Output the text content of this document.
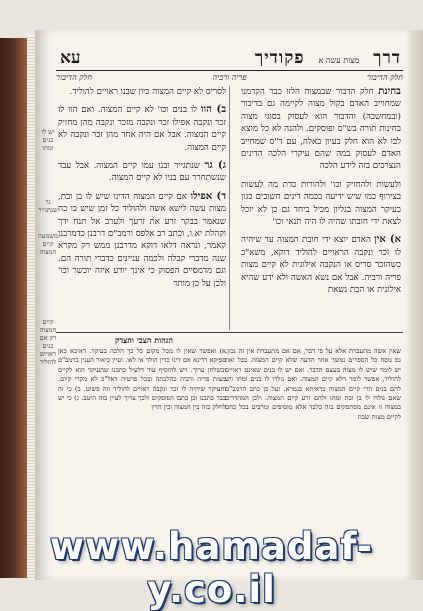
דרך
מצות עשה א
פקודיך
עא
חלק הדיבור
פריה ורביה
חלק הדיבור

בחינת חלק הדבור שבמצוה הלזו כבר הקדמנו שמחוייב האדם בקול מצוה לקיימה גם בדיבור (ובמחשבה) והדבור הוא לעסוק בסוגי מצוה בחינות תורה בש"ס ופוסקים. ולהגה לא כל מוצא לבו לא הוא חלק בעיון באלה, עם ד"ס שמחייב האדם לעסוק במה שהם עיקרי הלכה הדינים הנצרכים בזה לידע הלכה

ולעשות ולהחזיק וכו' ולהורות כדת מה לעשות בצירוף כמו שיש ידיעה בכמה דינים חשובים כגון בעיקר המצוה בגליון מכיל ביחד גם כן לא יוכל לצאת ידי חובתו שהיה לו היה תנאי וכו'

א) אין האדם יוצא ידי חובת המצוה עד שיהיה לו זכר ונקבה הראויים להוליד דוקא, משא"כ כשהזכר סריס או הנקבה אילונית לא קיים מצות פריה ורביה. אבל אם נשא האשה ולא ידע שהיא אילונית או הבת נשאת

לסריס לא קיים המצוה כיון שבנו ראויים להוליד.

ב) הוו לו בנים וכו' לא קיים המצוה. ואם הוו לו זכר ונקבה אפילו זכר ונקבה מזכר ונקבה מהן מחזיק קיים המצוה. אבל אם היה אחד מהן זכר ונקבה לא קיים המצוה.

ג) גר שנתגייר ובנו עמו קיים המצוה. אבל עבד שנשתחרר עם בניו לא קיים המצוה.

ד) אפילו אם קיים המצוה הדינו שיש לו בן ובת, מצות עשה לישא אשה ולהוליד כל זמן שיש בו כח שנאמר בבקר זרע את זרעך ולערב אל תנח ידך וקהלת יא ו, וכתב רב אלפס ורמב"ם דרבנן כדמרבנן קאמר, ונראה דלאו דוקא מדרבנן ממש רק מקרא שנה מדברי קבלה ולכמה עניינים כדברי תורה הם. וגם מדמסיים הפסוק כי אינך יודע איזה יוכשר וכו' ולכן על כן מותר

קיים המצוה רק אם בנים ראויים להוליד
יש לו בנים ומתו
גר שנתגייר
משמעה קיים המצוה
הגהות הצבי והצדק
א) ואפשר שאין לו מכל מקום כל כך הלכה בעיקר. דאיכא כאן ספיקא דדינא אם דינו כדין הולד אי לאו. ועיין ביאור הענין ברמב"ם ובשלחן ערוך. ויש להוסיף עוד דלעיל כתבנו שהעיקר הוא לקיים מצות פריה ורביה כהלכתה ובכל פרטיה דאל"כ לא מקרי קיום. והעיקר שיהיה לו זכר ונקבה ראויים להוליד וזה פשוט. ב) כי זה כבר כתבנו וכן כתבו הפוסקים ולכך צריך לעיין בזה היטב. ג) כי יש לחלק בזה בין המצוה ובין הדין
שאין אשה מתעברת אלא על פי דבר, אם אם מתעברת אין זה נכון. גם נוסח כל הספרים נמשך אחר הדעה שלא קיים המצוה. בכל זאת יש לומר שיש לו מצוה בעצם הדבר. ואם יש לו בנים שאינם ראויים להוליד, אפשר לומר דלא קיים המצוה. ואם נולדו לו בנים ומתו ויש להם בנים הרי קיים המצוה כדאיתא בגמרא. ועל כן כתב הרמב"ם שאם נולדו לו בן ובת ומתו ולהם זרע קיים המצוה. ולכן המהדרים במצוה זו אינם מסתפקים בזה בלבד אלא מוסיפים ומרבים בכל כחם לקיים מצות שבת
www.hamadaf-y.co.il
